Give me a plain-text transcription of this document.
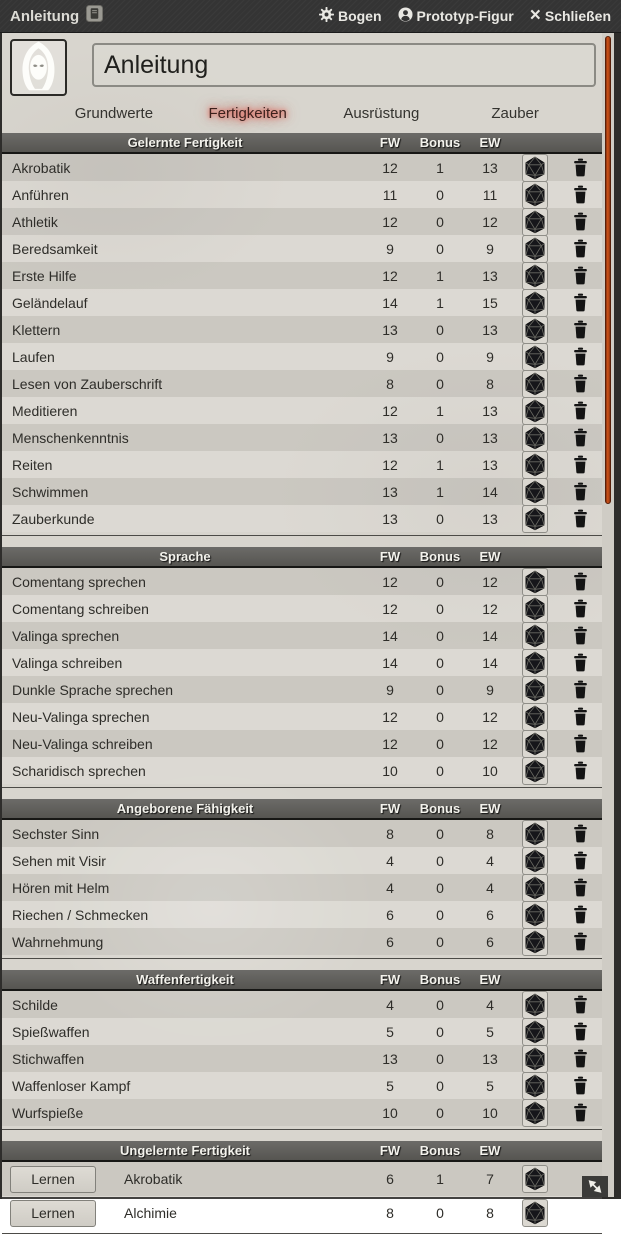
Anleitung	Bogen	Prototyp-Figur × Schließen
Anleitung
Grundwerte	Fertigkeiten	Ausrüstung	Zauber
Gelernte Fertigkeit	FW	Bonus	EW
Akrobatik	12	1	13
Anführen	11	0	11
Athletik	12	0	12
Beredsamkeit	9	0	9
Erste Hilfe	12	1	13
Geländelauf	14	1	15
Klettern	13	0	13
Laufen	9	0	9
Lesen von Zauberschrift	8	0	8
Meditieren	12	1	13
Menschenkenntnis	13	0	13
Reiten	12	1	13
Schwimmen	13	1	14
Zauberkunde	13	0	13
Sprache	FW	Bonus	EW
Comentang sprechen	12	0	12
Comentang schreiben	12	0	12
Valinga sprechen	14	0	14
Valinga schreiben	14	0	14
Dunkle Sprache sprechen	9	0	9
Neu-Valinga sprechen	12	0	12
Neu-Valinga schreiben	12	0	12
Scharidisch sprechen	10	0	10
Angeborene Fähigkeit	FW	Bonus	EW
Sechster Sinn	8	0	8
Sehen mit Visir	4	0	4
Hören mit Helm	4	0	4
Riechen / Schmecken	6	0	6
Wahrnehmung	6	0	6
Waffenfertigkeit	FW	Bonus	EW
Schilde	4	0	4
Spießwaffen	5	0	5
Stichwaffen	13	0	13
Waffenloser Kampf	5	0	5
Wurfspieße	10	0	10
Ungelernte Fertigkeit	FW	Bonus	EW
Lernen	Akrobatik	6	1	7
Lernen	Alchimie	8	0	8
